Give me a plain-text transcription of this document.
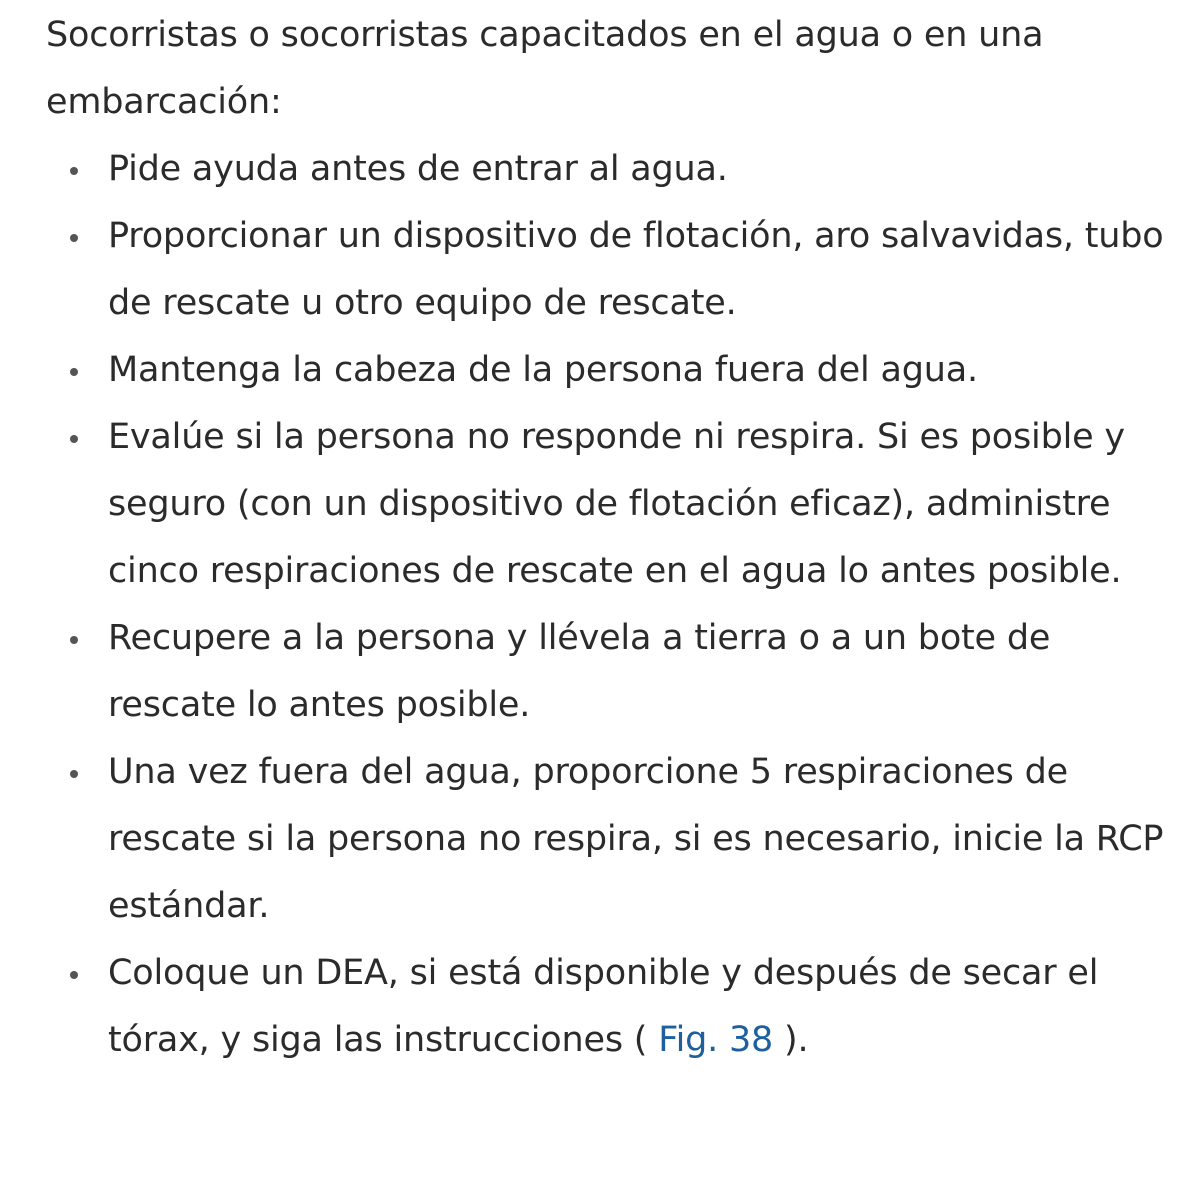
Socorristas o socorristas capacitados en el agua o en una embarcación:

Pide ayuda antes de entrar al agua.
Proporcionar un dispositivo de flotación, aro salvavidas, tubo de rescate u otro equipo de rescate.
Mantenga la cabeza de la persona fuera del agua.
Evalúe si la persona no responde ni respira. Si es posible y seguro (con un dispositivo de flotación eficaz), administre cinco respiraciones de rescate en el agua lo antes posible.
Recupere a la persona y llévela a tierra o a un bote de rescate lo antes posible.
Una vez fuera del agua, proporcione 5 respiraciones de rescate si la persona no respira, si es necesario, inicie la RCP estándar.
Coloque un DEA, si está disponible y después de secar el tórax, y siga las instrucciones ( Fig. 38 ).
